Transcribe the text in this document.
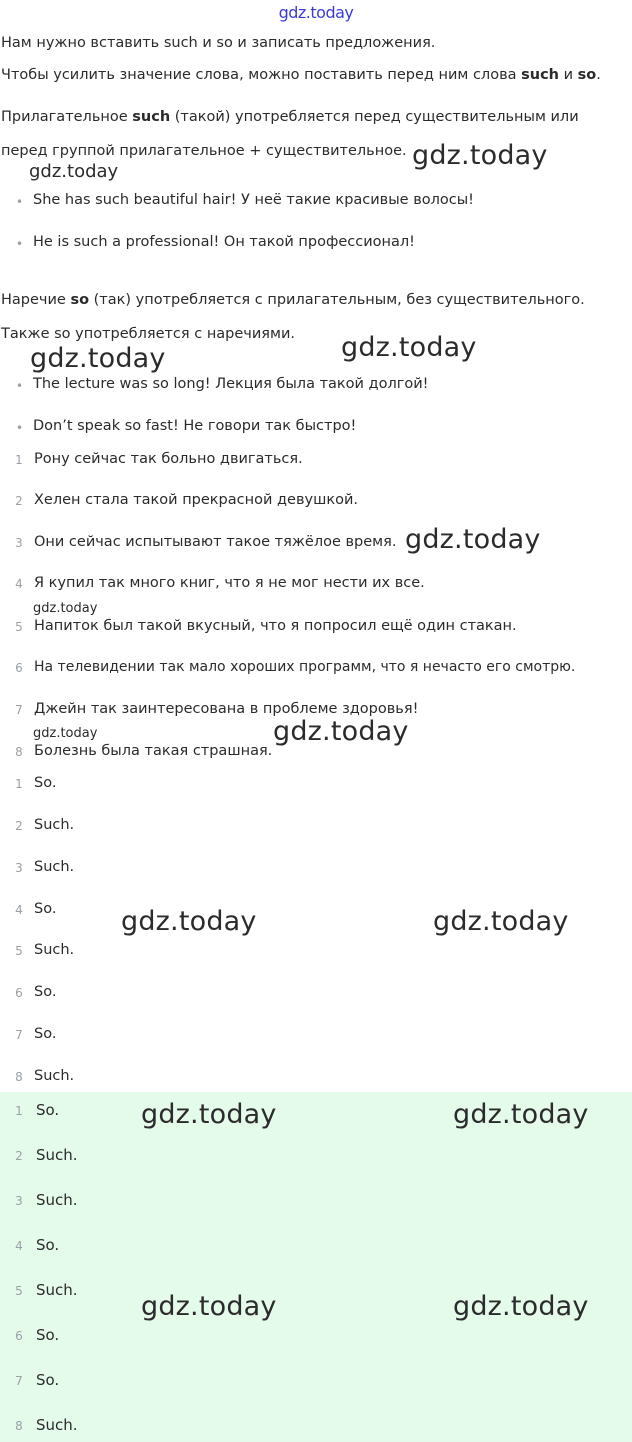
gdz.today
Нам нужно вставить such и so и записать предложения.
Чтобы усилить значение слова, можно поставить перед ним слова such и so.
Прилагательное such (такой) употребляется перед существительным или
перед группой прилагательное + существительное.
• She has such beautiful hair! У неё такие красивые волосы!
• He is such a professional! Он такой профессионал!
Наречие so (так) употребляется с прилагательным, без существительного.
Также so употребляется с наречиями.
• The lecture was so long! Лекция была такой долгой!
• Don’t speak so fast! Не говори так быстро!
1 Рону сейчас так больно двигаться.
2 Хелен стала такой прекрасной девушкой.
3 Они сейчас испытывают такое тяжёлое время.
4 Я купил так много книг, что я не мог нести их все.
5 Напиток был такой вкусный, что я попросил ещё один стакан.
6 На телевидении так мало хороших программ, что я нечасто его смотрю.
7 Джейн так заинтересована в проблеме здоровья!
8 Болезнь была такая страшная.
1 So.
2 Such.
3 Such.
4 So.
5 Such.
6 So.
7 So.
8 Such.
1 So.
2 Such.
3 Such.
4 So.
5 Such.
6 So.
7 So.
8 Such.
gdz.today
gdz.today
gdz.today	gdz.today
gdz.today
gdz.today
gdz.today	gdz.today
gdz.today	gdz.today
gdz.today	gdz.today
gdz.today	gdz.today
